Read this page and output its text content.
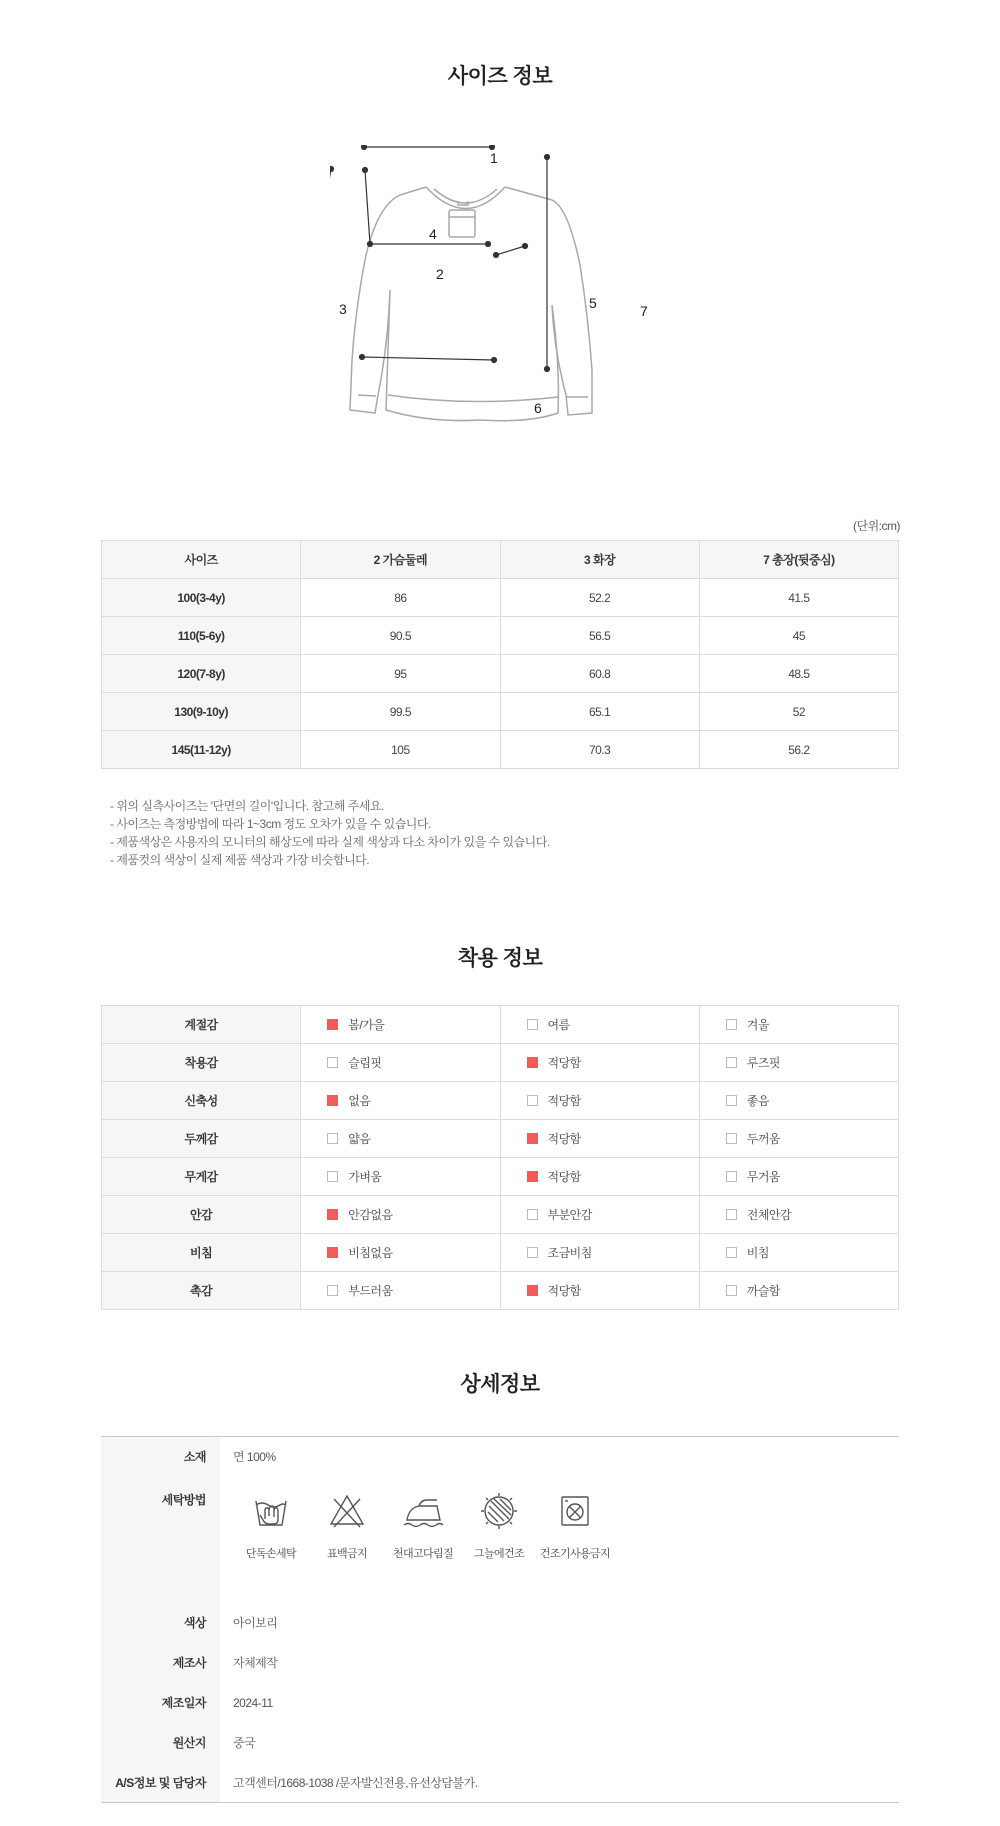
사이즈 정보
1
2
3
4
5
6
7
(단위:cm)
사이즈	2 가슴둘레	3 화장	7 총장(뒷중심)
100(3-4y)	86	52.2	41.5
110(5-6y)	90.5	56.5	45
120(7-8y)	95	60.8	48.5
130(9-10y)	99.5	65.1	52
145(11-12y)	105	70.3	56.2
- 위의 실측사이즈는 '단면의 길이'입니다. 참고해 주세요.
- 사이즈는 측정방법에 따라 1~3cm 정도 오차가 있을 수 있습니다.
- 제품색상은 사용자의 모니터의 해상도에 따라 실제 색상과 다소 차이가 있을 수 있습니다.
- 제품컷의 색상이 실제 제품 색상과 가장 비슷합니다.
착용 정보
계절감	봄/가을	여름	겨울
착용감	슬림핏	적당함	루즈핏
신축성	없음	적당함	좋음
두께감	얇음	적당함	두꺼움
무게감	가벼움	적당함	무거움
안감	안감없음	부분안감	전체안감
비침	비침없음	조금비침	비침
촉감	부드러움	적당함	까슬함
상세정보
소재	면 100%
세탁방법	단독손세탁 표백금지 천대고다림질 그늘에건조 건조기사용금지

색상	아이보리
제조사	자체제작
제조일자	2024-11
원산지	중국
A/S정보 및 담당자	고객센터/1668-1038 /문자발신전용,유선상담불가.
